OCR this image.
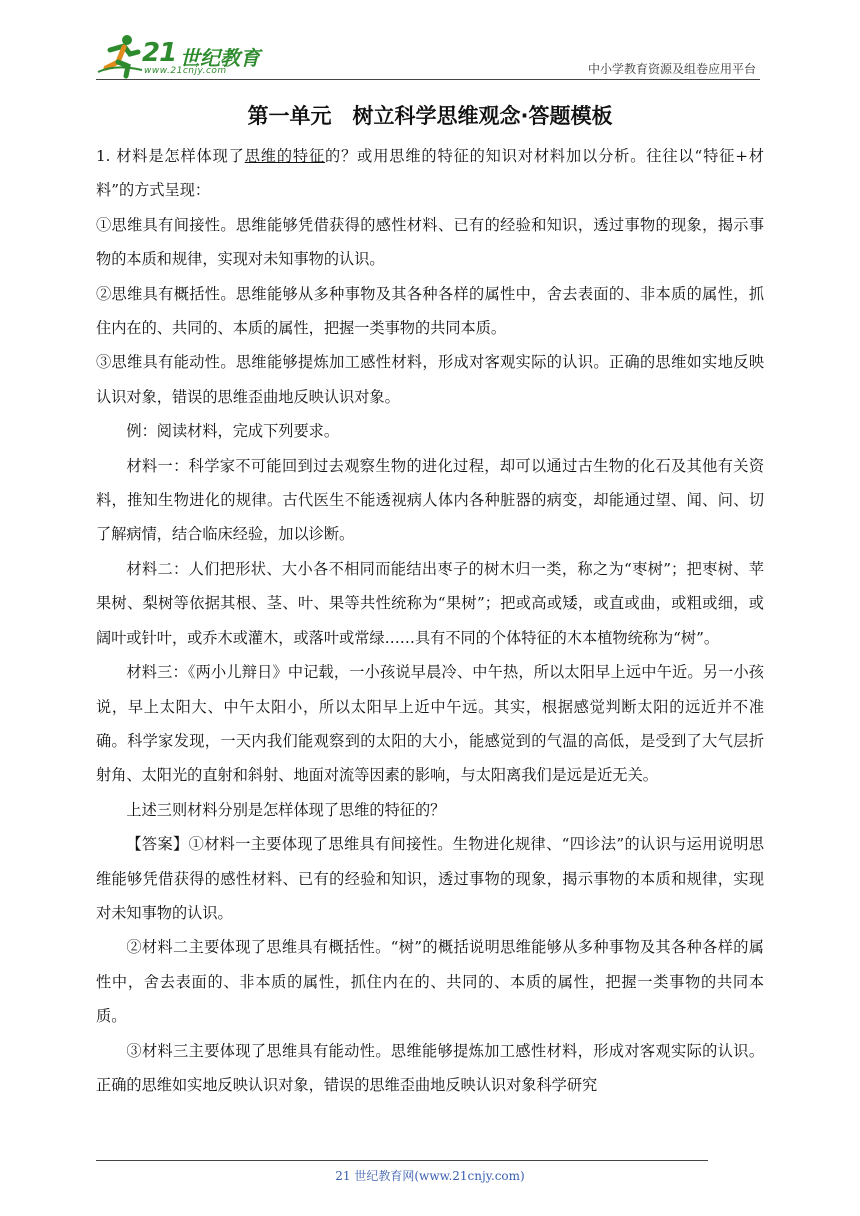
21 世纪教育
www.21cnjy.com	中小学教育资源及组卷应用平台
第一单元　树立科学思维观念·答题模板

1. 材料是怎样体现了思维的特征的？或用思维的特征的知识对材料加以分析。往往以“特征+材料”的方式呈现：

①思维具有间接性。思维能够凭借获得的感性材料、已有的经验和知识，透过事物的现象，揭示事物的本质和规律，实现对未知事物的认识。

②思维具有概括性。思维能够从多种事物及其各种各样的属性中，舍去表面的、非本质的属性，抓住内在的、共同的、本质的属性，把握一类事物的共同本质。

③思维具有能动性。思维能够提炼加工感性材料，形成对客观实际的认识。正确的思维如实地反映认识对象，错误的思维歪曲地反映认识对象。

例：阅读材料，完成下列要求。

材料一：科学家不可能回到过去观察生物的进化过程，却可以通过古生物的化石及其他有关资料，推知生物进化的规律。古代医生不能透视病人体内各种脏器的病变，却能通过望、闻、问、切了解病情，结合临床经验，加以诊断。

材料二：人们把形状、大小各不相同而能结出枣子的树木归一类，称之为“枣树”；把枣树、苹果树、梨树等依据其根、茎、叶、果等共性统称为“果树”；把或高或矮，或直或曲，或粗或细，或阔叶或针叶，或乔木或灌木，或落叶或常绿……具有不同的个体特征的木本植物统称为“树”。

材料三：《两小儿辩日》中记载，一小孩说早晨冷、中午热，所以太阳早上远中午近。另一小孩说，早上太阳大、中午太阳小，所以太阳早上近中午远。其实，根据感觉判断太阳的远近并不准确。科学家发现，一天内我们能观察到的太阳的大小，能感觉到的气温的高低，是受到了大气层折射角、太阳光的直射和斜射、地面对流等因素的影响，与太阳离我们是远是近无关。

上述三则材料分别是怎样体现了思维的特征的？

【答案】①材料一主要体现了思维具有间接性。生物进化规律、“四诊法”的认识与运用说明思维能够凭借获得的感性材料、已有的经验和知识，透过事物的现象，揭示事物的本质和规律，实现对未知事物的认识。

②材料二主要体现了思维具有概括性。“树”的概括说明思维能够从多种事物及其各种各样的属性中，舍去表面的、非本质的属性，抓住内在的、共同的、本质的属性，把握一类事物的共同本质。

③材料三主要体现了思维具有能动性。思维能够提炼加工感性材料，形成对客观实际的认识。正确的思维如实地反映认识对象，错误的思维歪曲地反映认识对象科学研究

21 世纪教育网(www.21cnjy.com)
